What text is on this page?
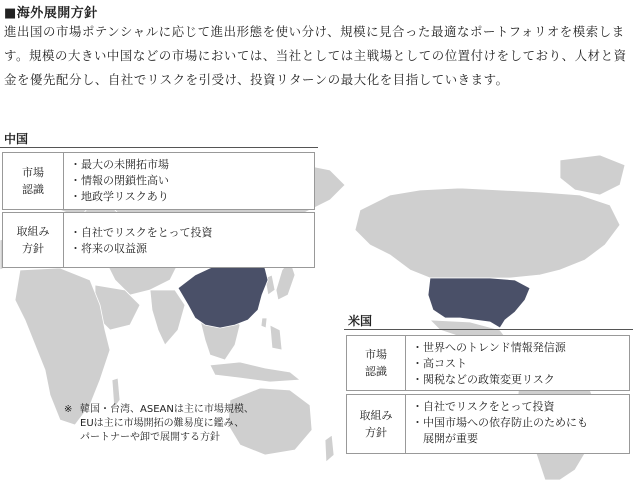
■海外展開方針
進出国の市場ポテンシャルに応じて進出形態を使い分け、規模に見合った最適なポートフォリオを模索します。規模の大きい中国などの市場においては、当社としては主戦場としての位置付けをしており、人材と資金を優先配分し、自社でリスクを引受け、投資リターンの最大化を目指していきます。
中国
市場
認識
・最大の未開拓市場
・情報の閉鎖性高い
・地政学リスクあり
取組み
方針
・自社でリスクをとって投資
・将来の収益源
米国
市場
認識
・世界へのトレンド情報発信源
・高コスト
・関税などの政策変更リスク
取組み
方針
・自社でリスクをとって投資
・中国市場への依存防止のためにも
　展開が重要
※ 韓国・台湾、ASEANは主に市場規模、
EUは主に市場開拓の難易度に鑑み、
パートナーや卸で展開する方針
